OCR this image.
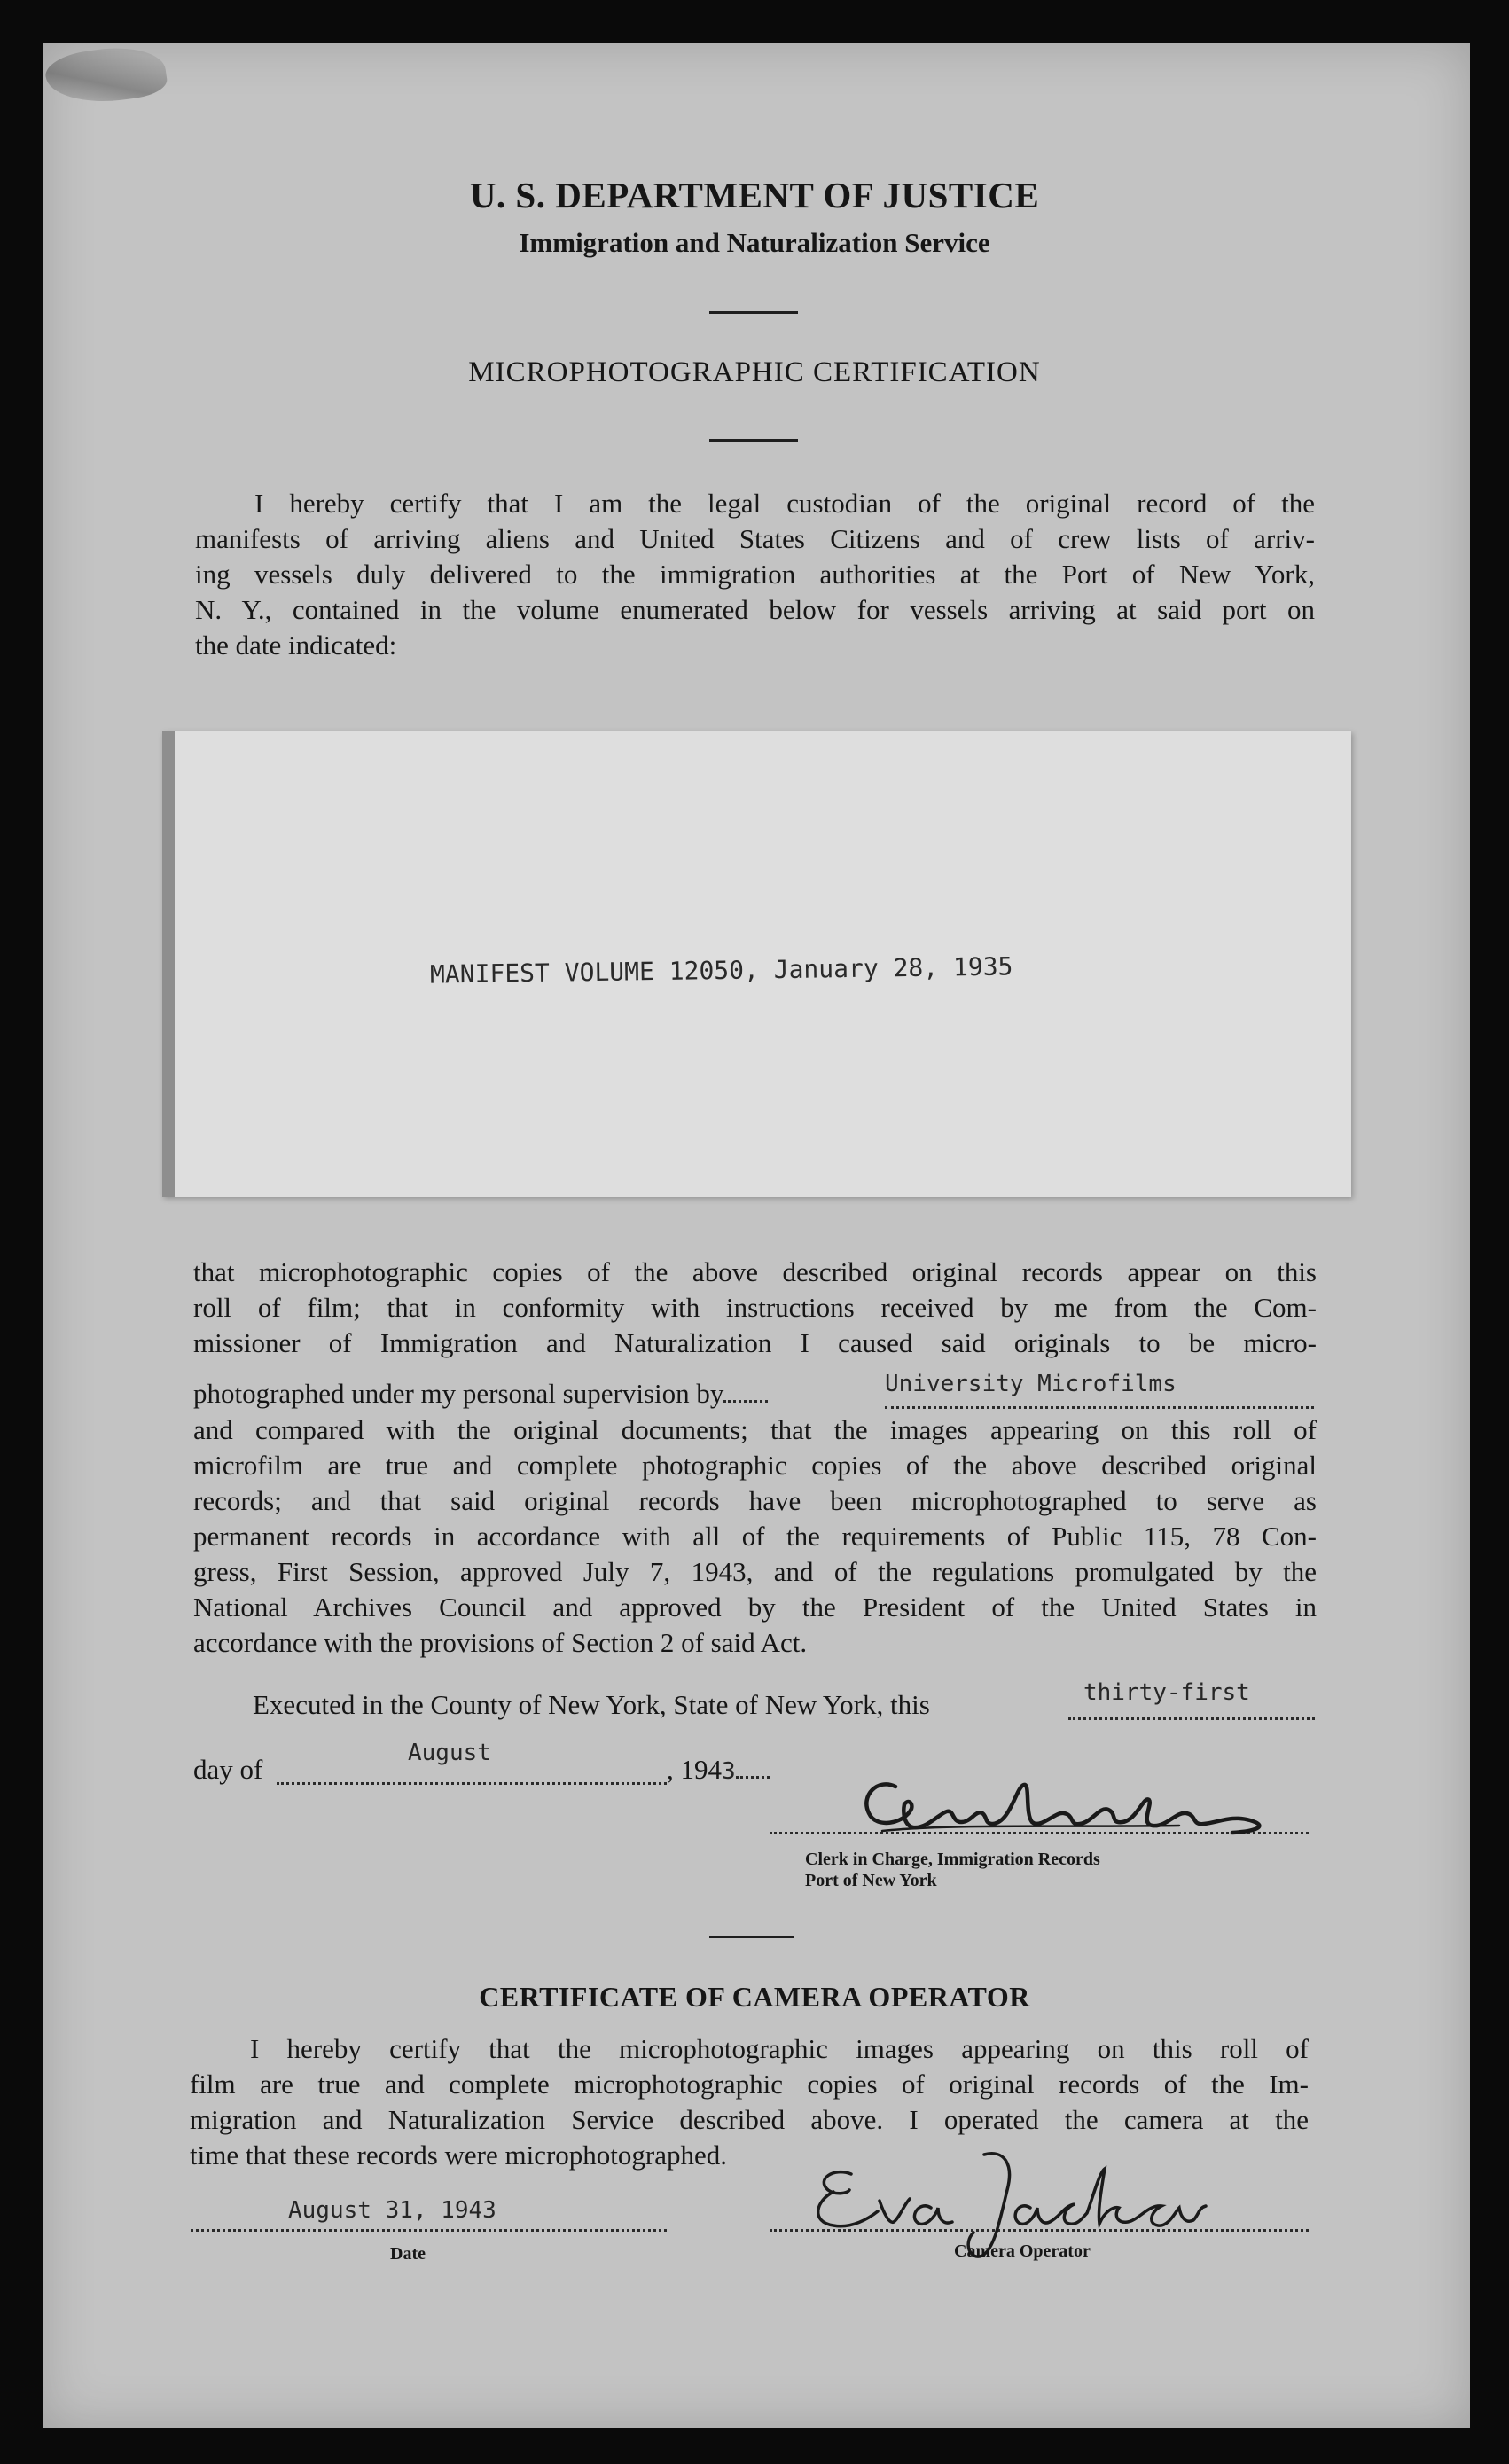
U. S. DEPARTMENT OF JUSTICE
Immigration and Naturalization Service
MICROPHOTOGRAPHIC CERTIFICATION
I hereby certify that I am the legal custodian of the original record of the
manifests of arriving aliens and United States Citizens and of crew lists of arriv-
ing vessels duly delivered to the immigration authorities at the Port of New York,
N. Y., contained in the volume enumerated below for vessels arriving at said port on
the date indicated:
MANIFEST VOLUME 12050, January 28, 1935
that microphotographic copies of the above described original records appear on this
roll of film; that in conformity with instructions received by me from the Com-
missioner of Immigration and Naturalization I caused said originals to be micro-
photographed under my personal supervision by	University Microfilms
and compared with the original documents; that the images appearing on this roll of
microfilm are true and complete photographic copies of the above described original
records; and that said original records have been microphotographed to serve as
permanent records in accordance with all of the requirements of Public 115, 78 Con-
gress, First Session, approved July 7, 1943, and of the regulations promulgated by the
National Archives Council and approved by the President of the United States in
accordance with the provisions of Section 2 of said Act.
Executed in the County of New York, State of New York, this	thirty-first
day of
August
, 1943
Clerk in Charge, Immigration Records
Port of New York
CERTIFICATE OF CAMERA OPERATOR
I hereby certify that the microphotographic images appearing on this roll of
film are true and complete microphotographic copies of original records of the Im-
migration and Naturalization Service described above. I operated the camera at the
time that these records were microphotographed.
August 31, 1943
Date	Camera Operator
